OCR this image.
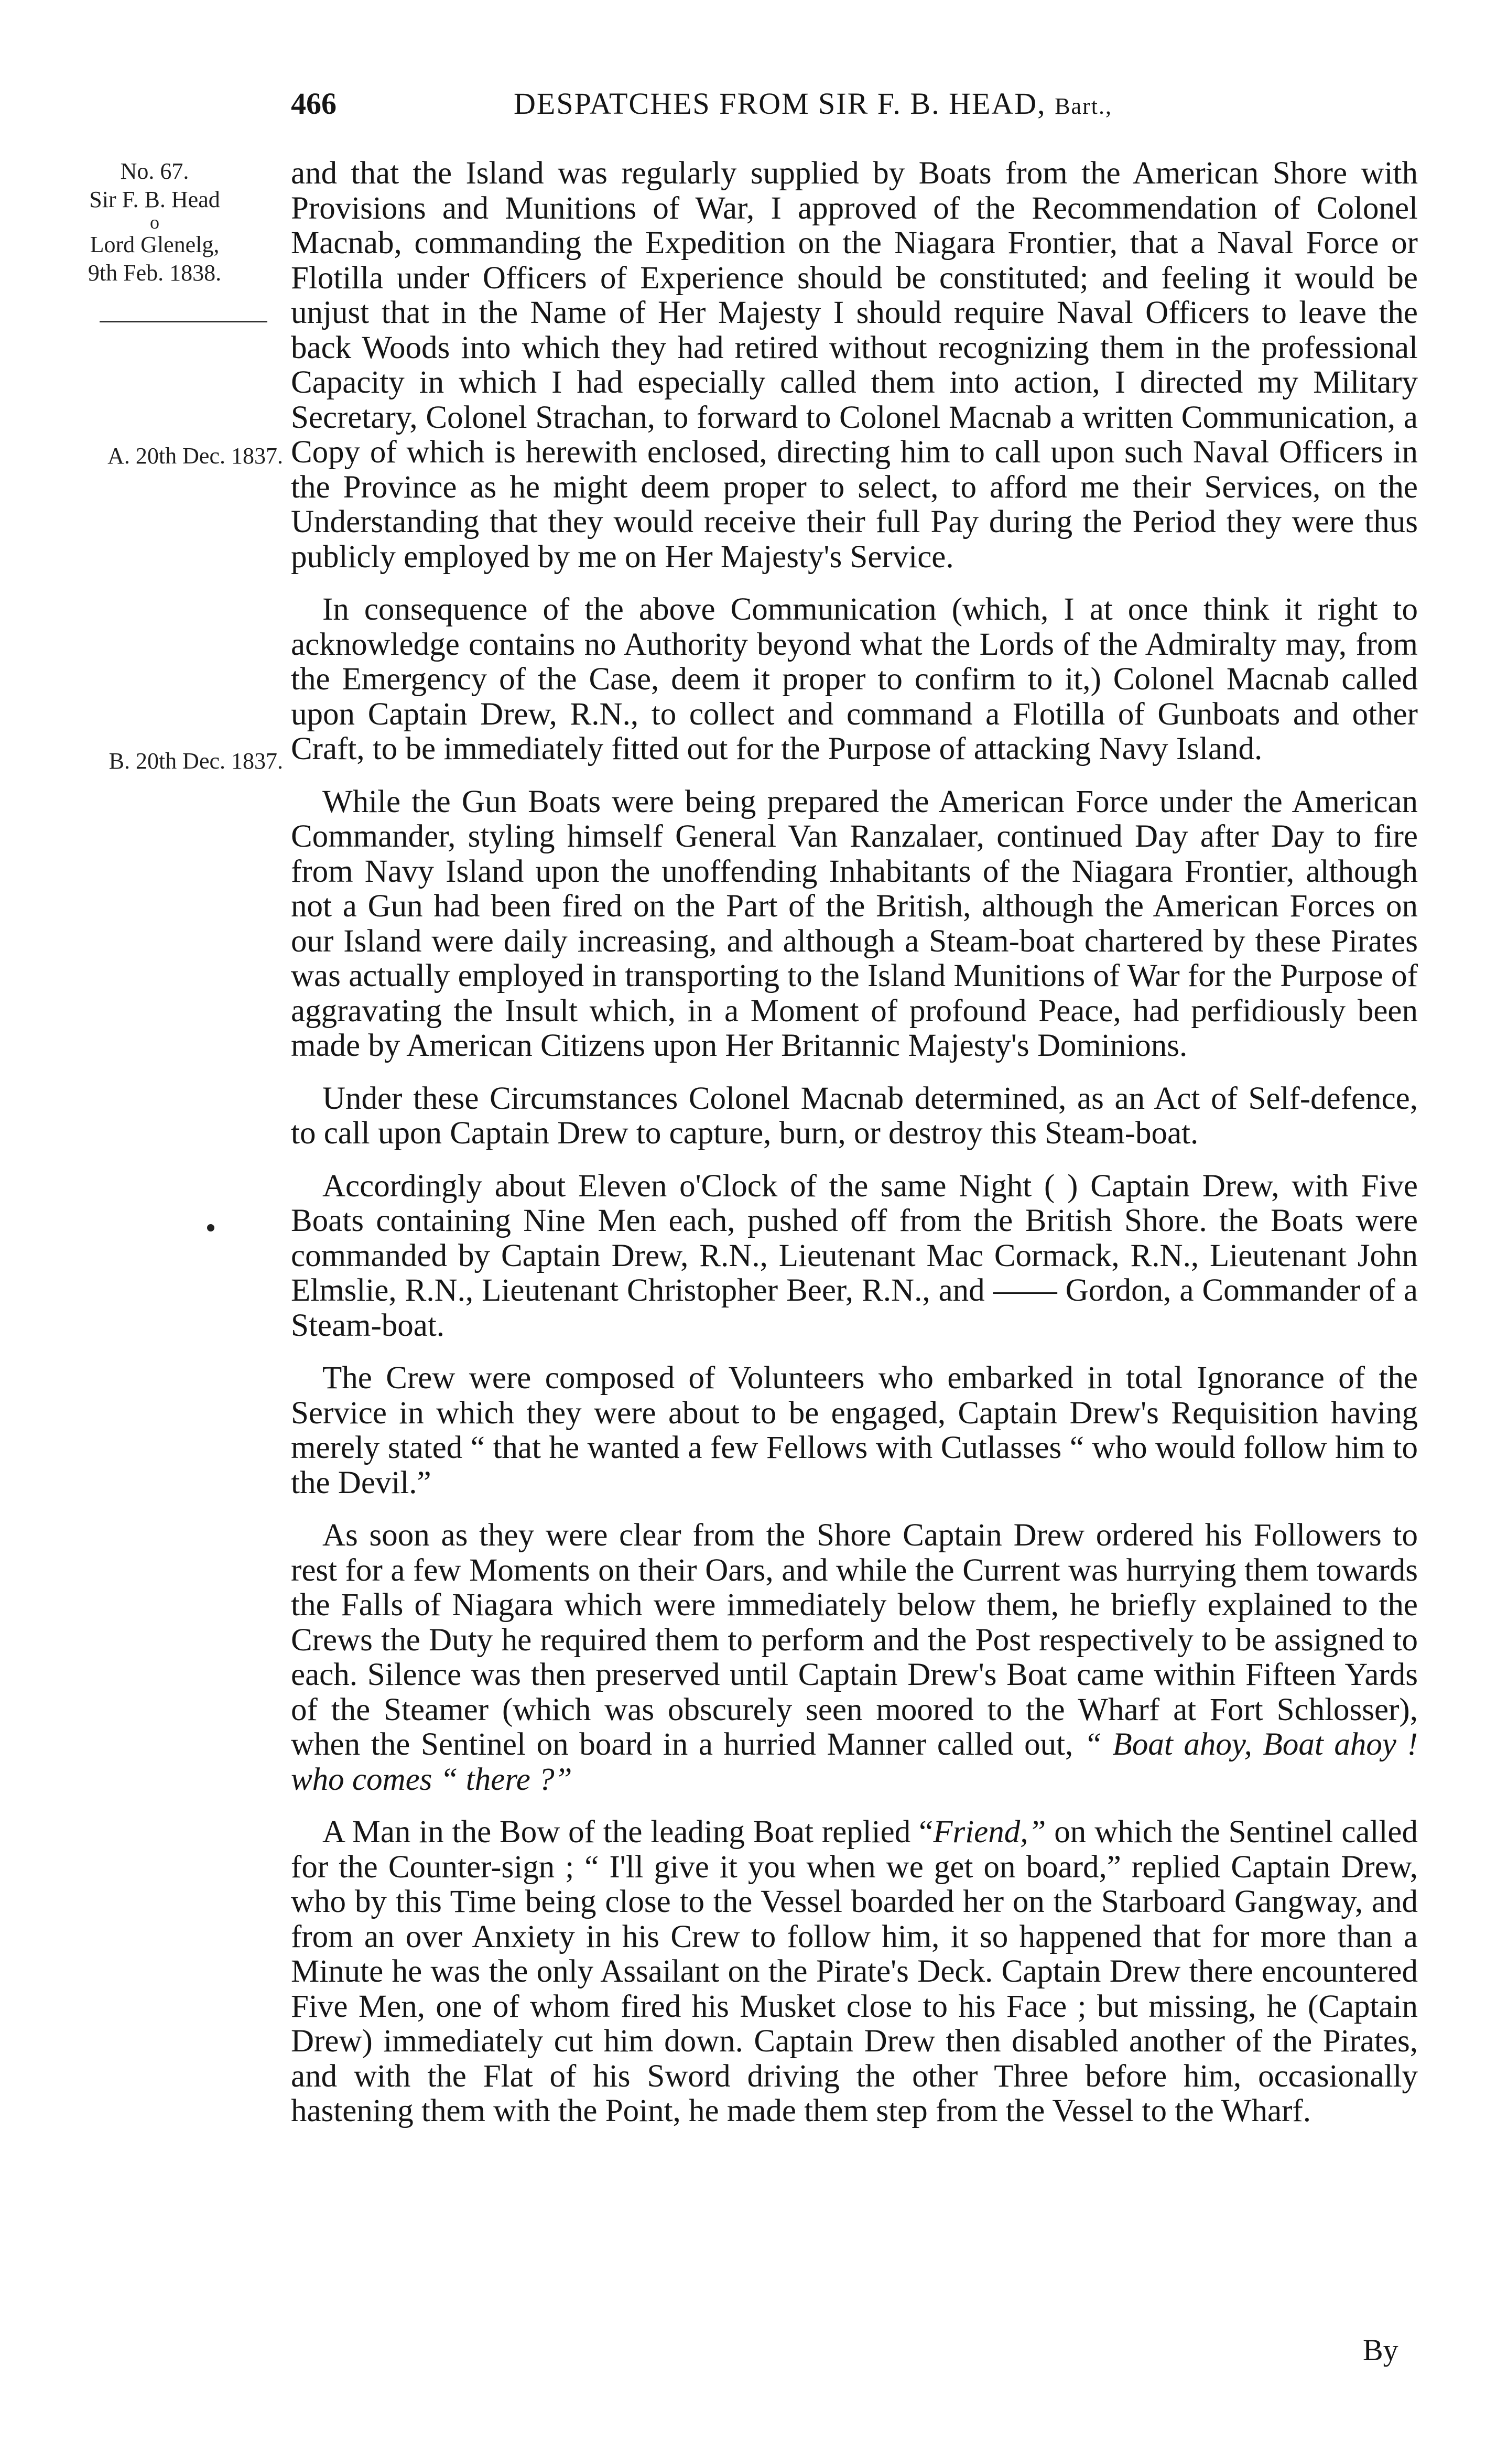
466	DESPATCHES FROM SIR F. B. HEAD, Bart.,
No. 67.
Sir F. B. Head
o
Lord Glenelg,
9th Feb. 1838.
A. 20th Dec. 1837.
B. 20th Dec. 1837.

and that the Island was regularly supplied by Boats from the American Shore with Provisions and Munitions of War, I approved of the Recommendation of Colonel Macnab, commanding the Expedition on the Niagara Frontier, that a Naval Force or Flotilla under Officers of Experience should be constituted; and feeling it would be unjust that in the Name of Her Majesty I should require Naval Officers to leave the back Woods into which they had retired without recognizing them in the professional Capacity in which I had especially called them into action, I directed my Military Secretary, Colonel Strachan, to forward to Colonel Macnab a written Communication, a Copy of which is herewith enclosed, directing him to call upon such Naval Officers in the Province as he might deem proper to select, to afford me their Services, on the Understanding that they would receive their full Pay during the Period they were thus publicly employed by me on Her Majesty's Service.

In consequence of the above Communication (which, I at once think it right to acknowledge contains no Authority beyond what the Lords of the Admiralty may, from the Emergency of the Case, deem it proper to confirm to it,) Colonel Macnab called upon Captain Drew, R.N., to collect and command a Flotilla of Gunboats and other Craft, to be immediately fitted out for the Purpose of attacking Navy Island.

While the Gun Boats were being prepared the American Force under the American Commander, styling himself General Van Ranzalaer, continued Day after Day to fire from Navy Island upon the unoffending Inhabitants of the Niagara Frontier, although not a Gun had been fired on the Part of the British, although the American Forces on our Island were daily increasing, and although a Steam-boat chartered by these Pirates was actually employed in transporting to the Island Munitions of War for the Purpose of aggravating the Insult which, in a Moment of profound Peace, had perfidiously been made by American Citizens upon Her Britannic Majesty's Dominions.

Under these Circumstances Colonel Macnab determined, as an Act of Self-defence, to call upon Captain Drew to capture, burn, or destroy this Steam-boat.

Accordingly about Eleven o'Clock of the same Night ( ) Captain Drew, with Five Boats containing Nine Men each, pushed off from the British Shore. the Boats were commanded by Captain Drew, R.N., Lieutenant Mac Cormack, R.N., Lieutenant John Elmslie, R.N., Lieutenant Christopher Beer, R.N., and —— Gordon, a Commander of a Steam-boat.

The Crew were composed of Volunteers who embarked in total Ignorance of the Service in which they were about to be engaged, Captain Drew's Requisition having merely stated “ that he wanted a few Fellows with Cutlasses “ who would follow him to the Devil.”

As soon as they were clear from the Shore Captain Drew ordered his Followers to rest for a few Moments on their Oars, and while the Current was hurrying them towards the Falls of Niagara which were immediately below them, he briefly explained to the Crews the Duty he required them to perform and the Post respectively to be assigned to each. Silence was then preserved until Captain Drew's Boat came within Fifteen Yards of the Steamer (which was obscurely seen moored to the Wharf at Fort Schlosser), when the Sentinel on board in a hurried Manner called out, “ Boat ahoy, Boat ahoy ! who comes “ there ?”

A Man in the Bow of the leading Boat replied “Friend,” on which the Sentinel called for the Counter-sign ; “ I'll give it you when we get on board,” replied Captain Drew, who by this Time being close to the Vessel boarded her on the Starboard Gangway, and from an over Anxiety in his Crew to follow him, it so happened that for more than a Minute he was the only Assailant on the Pirate's Deck. Captain Drew there encountered Five Men, one of whom fired his Musket close to his Face ; but missing, he (Captain Drew) immediately cut him down. Captain Drew then disabled another of the Pirates, and with the Flat of his Sword driving the other Three before him, occasionally hastening them with the Point, he made them step from the Vessel to the Wharf.

By
